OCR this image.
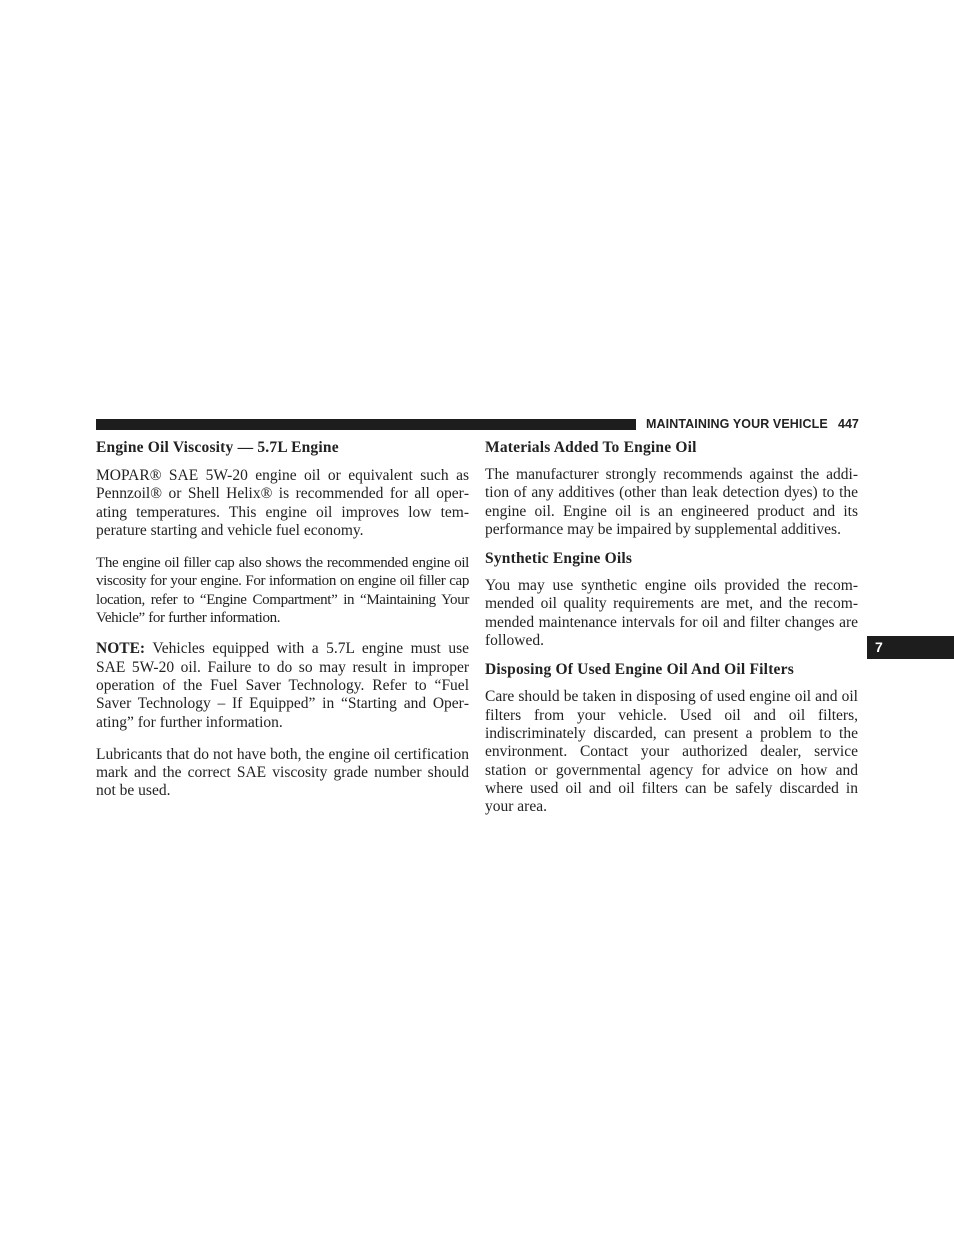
MAINTAINING YOUR VEHICLE 447
7
Engine Oil Viscosity — 5.7L Engine

MOPAR® SAE 5W-20 engine oil or equivalent such as Pennzoil® or Shell Helix® is recommended for all operating temperatures. This engine oil improves low temperature starting and vehicle fuel economy.

The engine oil filler cap also shows the recommended engine oil viscosity for your engine. For information on engine oil filler cap location, refer to “Engine Compartment” in “Maintaining Your Vehicle” for further information.

NOTE: Vehicles equipped with a 5.7L engine must use SAE 5W-20 oil. Failure to do so may result in improper operation of the Fuel Saver Technology. Refer to “Fuel Saver Technology – If Equipped” in “Starting and Operating” for further information.

Lubricants that do not have both, the engine oil certification mark and the correct SAE viscosity grade number should not be used.

Materials Added To Engine Oil

The manufacturer strongly recommends against the addition of any additives (other than leak detection dyes) to the engine oil. Engine oil is an engineered product and its performance may be impaired by supplemental additives.

Synthetic Engine Oils

You may use synthetic engine oils provided the recommended oil quality requirements are met, and the recommended maintenance intervals for oil and filter changes are followed.

Disposing Of Used Engine Oil And Oil Filters

Care should be taken in disposing of used engine oil and oil filters from your vehicle. Used oil and oil filters, indiscriminately discarded, can present a problem to the environment. Contact your authorized dealer, service station or governmental agency for advice on how and where used oil and oil filters can be safely discarded in your area.
